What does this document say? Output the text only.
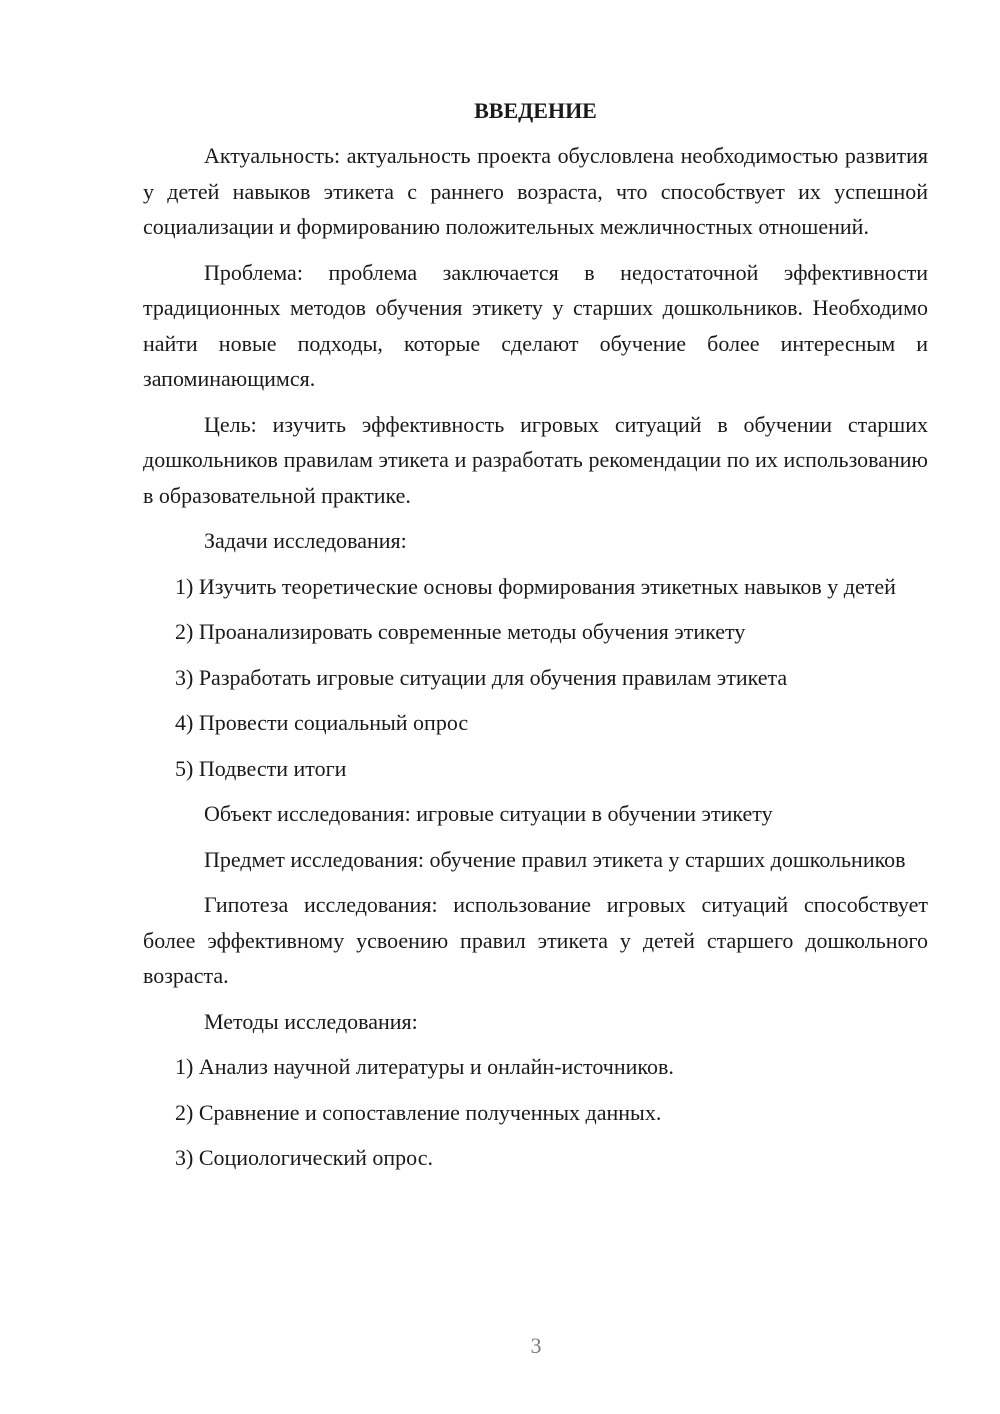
ВВЕДЕНИЕ

Актуальность: актуальность проекта обусловлена необходимостью развития у детей навыков этикета с раннего возраста, что способствует их успешной социализации и формированию положительных межличностных отношений.

Проблема: проблема заключается в недостаточной эффективности традиционных методов обучения этикету у старших дошкольников. Необходимо найти новые подходы, которые сделают обучение более интересным и запоминающимся.

Цель: изучить эффективность игровых ситуаций в обучении старших дошкольников правилам этикета и разработать рекомендации по их использованию в образовательной практике.

Задачи исследования:

1) Изучить теоретические основы формирования этикетных навыков у детей

2) Проанализировать современные методы обучения этикету

3) Разработать игровые ситуации для обучения правилам этикета

4) Провести социальный опрос

5) Подвести итоги

Объект исследования: игровые ситуации в обучении этикету

Предмет исследования: обучение правил этикета у старших дошкольников

Гипотеза исследования: использование игровых ситуаций способствует более эффективному усвоению правил этикета у детей старшего дошкольного возраста.

Методы исследования:

1) Анализ научной литературы и онлайн-источников.

2) Сравнение и сопоставление полученных данных.

3) Социологический опрос.

3
